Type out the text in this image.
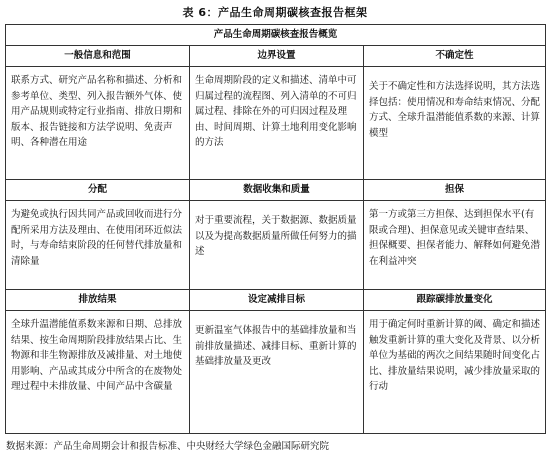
表 6：产品生命周期碳核查报告框架
产品生命周期碳核查报告概览		
一般信息和范围	边界设置	不确定性
联系方式、研究产品名称和描述、分析和参考单位、类型、列入报告额外气体、使用产品规则或特定行业指南、排放日期和版本、报告链接和方法学说明、免责声明、各种潜在用途	生命周期阶段的定义和描述、清单中可归属过程的流程图、列入清单的不可归属过程、排除在外的可归因过程及理由、时间周期、计算土地利用变化影响的方法	关于不确定性和方法选择说明，其方法选择包括：使用情况和寿命结束情况、分配方式、全球升温潜能值系数的来源、计算模型
分配	数据收集和质量	担保
为避免或执行因共同产品或回收而进行分配所采用方法及理由、在使用闭环近似法时，与寿命结束阶段的任何替代排放量和清除量	对于重要流程，关于数据源、数据质量以及为提高数据质量所做任何努力的描述	第一方或第三方担保、达到担保水平(有限或合理)、担保意见或关键审查结果、担保概要、担保者能力、解释如何避免潜在利益冲突
排放结果	设定减排目标	跟踪碳排放量变化
全球升温潜能值系数来源和日期、总排放结果、按生命周期阶段排放结果占比、生物源和非生物源排放及减排量、对土地使用影响、产品或其成分中所含的在废物处理过程中未排放量、中间产品中含碳量	更新温室气体报告中的基础排放量和当前排放量描述、减排目标、重新计算的基础排放量及更改	用于确定何时重新计算的阈、确定和描述触发重新计算的重大变化及背景、以分析单位为基础的两次之间结果随时间变化占比、排放量结果说明，减少排放量采取的行动
数据来源：产品生命周期会计和报告标准、中央财经大学绿色金融国际研究院
